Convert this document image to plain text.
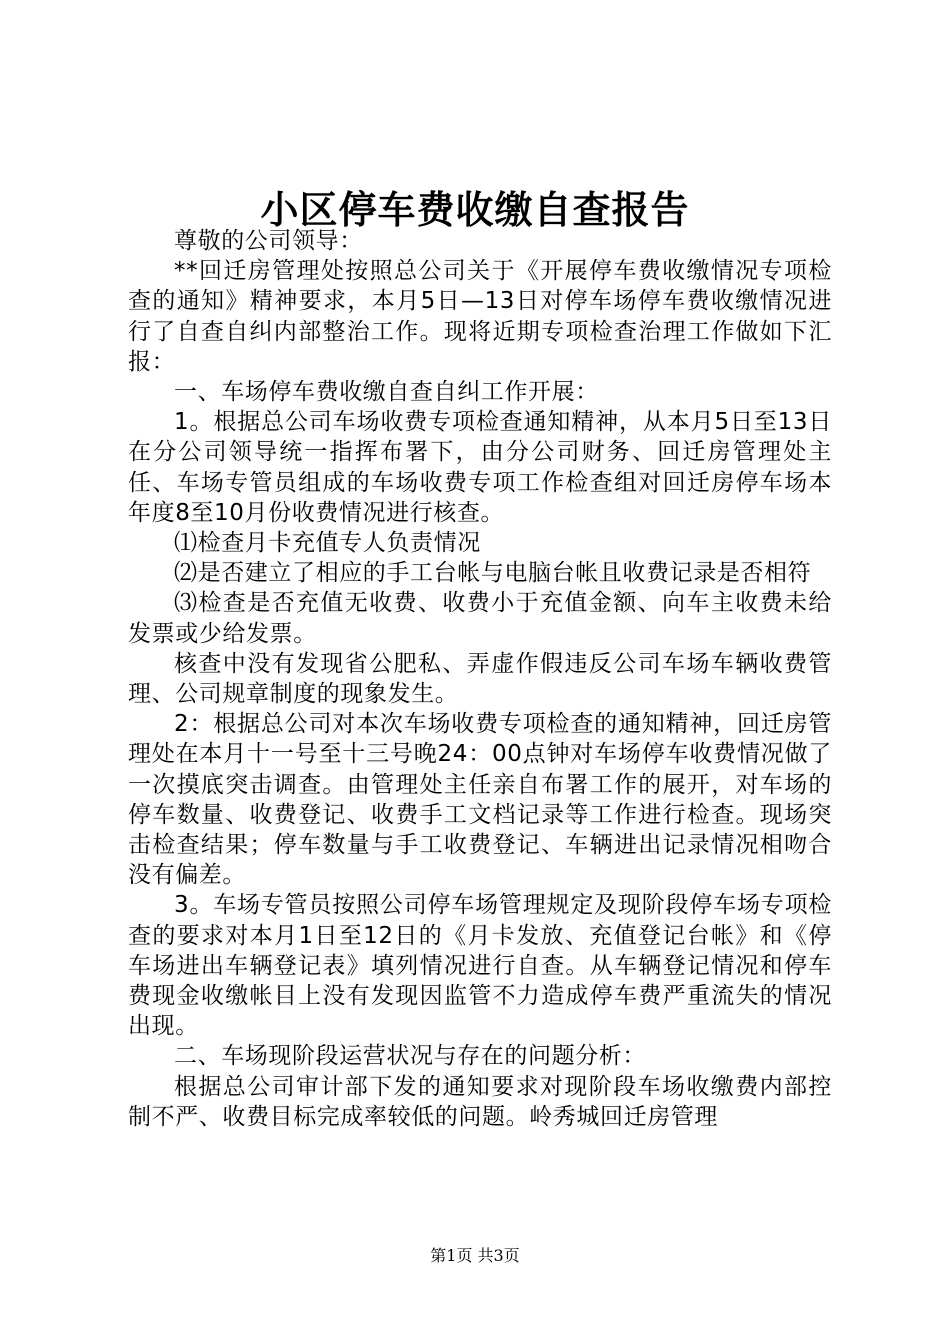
小区停车费收缴自查报告

尊敬的公司领导：

**回迁房管理处按照总公司关于《开展停车费收缴情况专项检查的通知》精神要求，本月5日—13日对停车场停车费收缴情况进行了自查自纠内部整治工作。现将近期专项检查治理工作做如下汇报：

一、车场停车费收缴自查自纠工作开展：

1。根据总公司车场收费专项检查通知精神，从本月5日至13日在分公司领导统一指挥布署下，由分公司财务、回迁房管理处主任、车场专管员组成的车场收费专项工作检查组对回迁房停车场本年度8至10月份收费情况进行核查。

⑴检查月卡充值专人负责情况

⑵是否建立了相应的手工台帐与电脑台帐且收费记录是否相符

⑶检查是否充值无收费、收费小于充值金额、向车主收费未给发票或少给发票。

核查中没有发现省公肥私、弄虚作假违反公司车场车辆收费管理、公司规章制度的现象发生。

2：根据总公司对本次车场收费专项检查的通知精神，回迁房管理处在本月十一号至十三号晚24：00点钟对车场停车收费情况做了一次摸底突击调查。由管理处主任亲自布署工作的展开，对车场的停车数量、收费登记、收费手工文档记录等工作进行检查。现场突击检查结果；停车数量与手工收费登记、车辆进出记录情况相吻合没有偏差。

3。车场专管员按照公司停车场管理规定及现阶段停车场专项检查的要求对本月1日至12日的《月卡发放、充值登记台帐》和《停车场进出车辆登记表》填列情况进行自查。从车辆登记情况和停车费现金收缴帐目上没有发现因监管不力造成停车费严重流失的情况出现。

二、车场现阶段运营状况与存在的问题分析：

根据总公司审计部下发的通知要求对现阶段车场收缴费内部控制不严、收费目标完成率较低的问题。岭秀城回迁房管理

第1页 共3页
